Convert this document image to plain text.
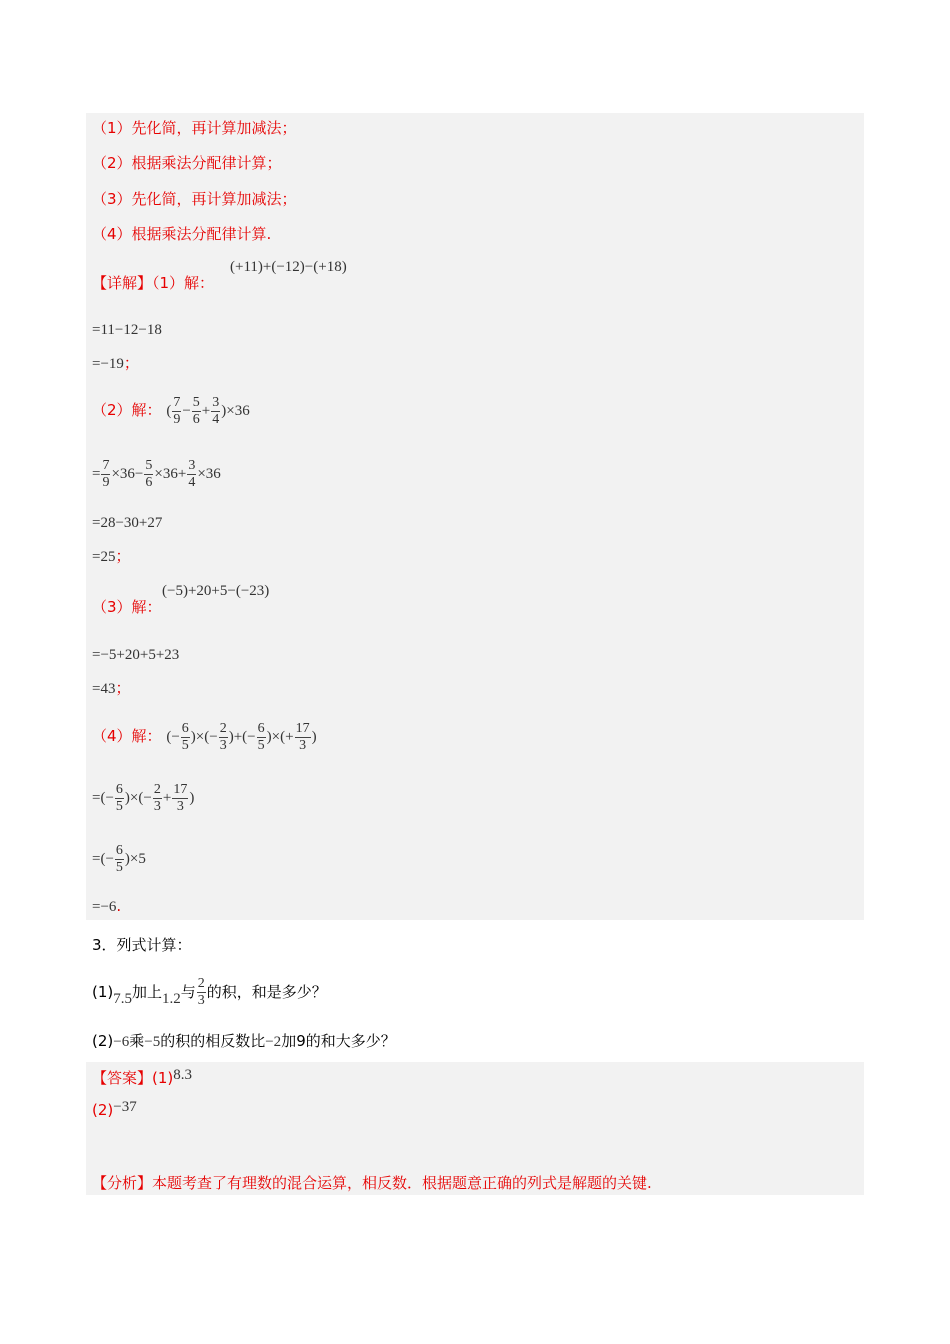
（1）先化简，再计算加减法；
（2）根据乘法分配律计算；
（3）先化简，再计算加减法；
（4）根据乘法分配律计算.
【详解】（1）解：
(+11)+(−12)−(+18)
=11−12−18
=−19；
（2）解： ( $\frac{7}{9} - \frac{5}{6} + \frac{3}{4} )\times 36$
= $\frac{7}{9} \times 36- \frac{5}{6} \times 36+ \frac{3}{4} \times 36$
=28−30+27
=25；
（3）解：
(−5)+20+5−(−23)
=−5+20+5+23
=43；
（4）解： (− $\frac{6}{5}$ )×(− $\frac{2}{3}$ )+(− $\frac{6}{5}$ )×(+ $\frac{17}{3}$ )
=(− $\frac{6}{5}$ )×(− $\frac{2}{3} + \frac{17}{3}$ )
=(− $\frac{6}{5} )\times 5$
=−6.
3．列式计算：
(1)7.5加上1.2与 $\frac{2}{3}$ 的积，和是多少？
(2)−6乘−5的积的相反数比−2加9的和大多少？
【答案】(1)8.3
(2)−37
【分析】本题考查了有理数的混合运算，相反数．根据题意正确的列式是解题的关键.
